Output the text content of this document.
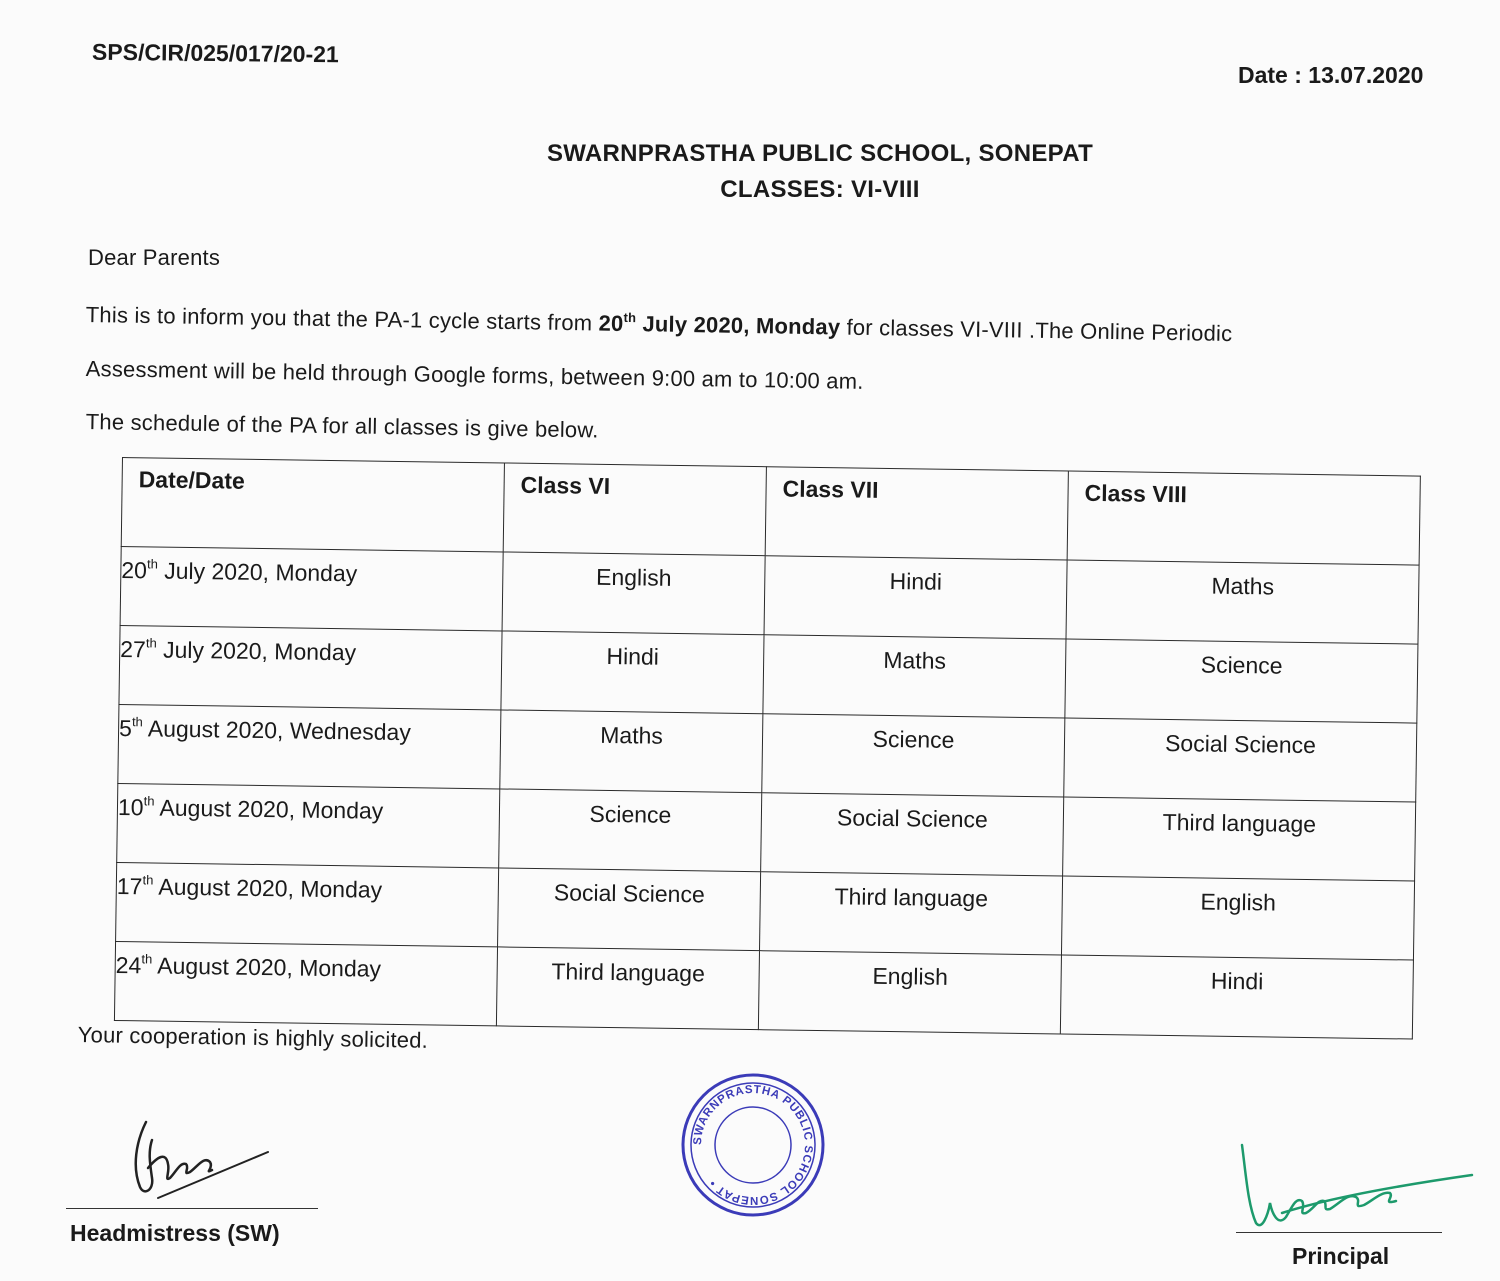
SPS/CIR/025/017/20-21
Date : 13.07.2020
SWARNPRASTHA PUBLIC SCHOOL, SONEPAT
CLASSES: VI-VIII
Dear Parents
This is to inform you that the PA-1 cycle starts from 20th July 2020, Monday for classes VI-VIII .The Online Periodic
Assessment will be held through Google forms, between 9:00 am to 10:00 am.
The schedule of the PA for all classes is give below.
Date/Date	Class VI	Class VII	Class VIII
20th July 2020, Monday	English	Hindi	Maths
27th July 2020, Monday	Hindi	Maths	Science
5th August 2020, Wednesday	Maths	Science	Social Science
10th August 2020, Monday	Science	Social Science	Third language
17th August 2020, Monday	Social Science	Third language	English
24th August 2020, Monday	Third language	English	Hindi
Your cooperation is highly solicited.
SWARNPRASTHA PUBLIC SCHOOL SONEPAT •
Headmistress (SW)
Principal
